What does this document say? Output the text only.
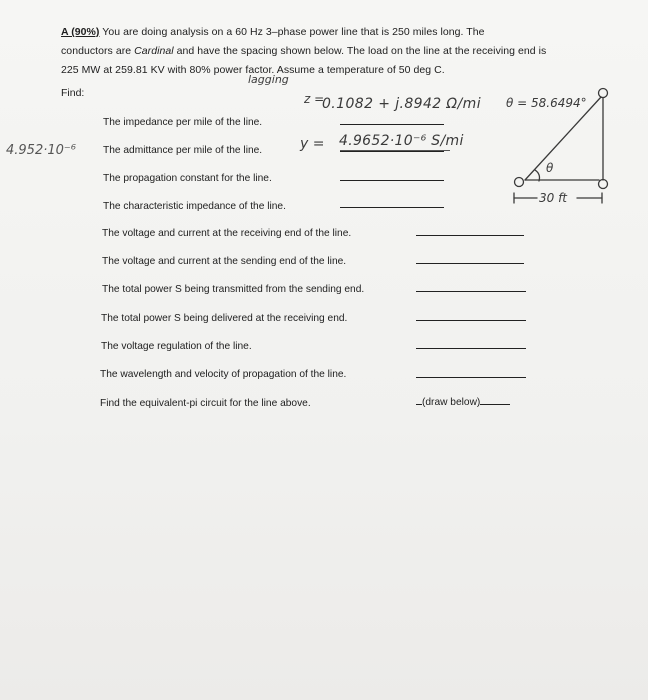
A (90%) You are doing analysis on a 60 Hz 3–phase power line that is 250 miles long. The
conductors are Cardinal and have the spacing shown below. The load on the line at the receiving end is
225 MW at 259.81 KV with 80% power factor. Assume a temperature of 50 deg C.
Find:
The impedance per mile of the line.
The admittance per mile of the line.
The propagation constant for the line.
The characteristic impedance of the line.
The voltage and current at the receiving end of the line.
The voltage and current at the sending end of the line.
The total power S being transmitted from the sending end.
The total power S being delivered at the receiving end.
The voltage regulation of the line.
The wavelength and velocity of propagation of the line.
Find the equivalent-pi circuit for the line above.	(draw below)
lagging
z =
0.1082 + j.8942 Ω/mi θ = 58.6494°
y = 4.9652·10⁻⁶ S/mi
4.952·10⁻⁶
θ
30 ft
